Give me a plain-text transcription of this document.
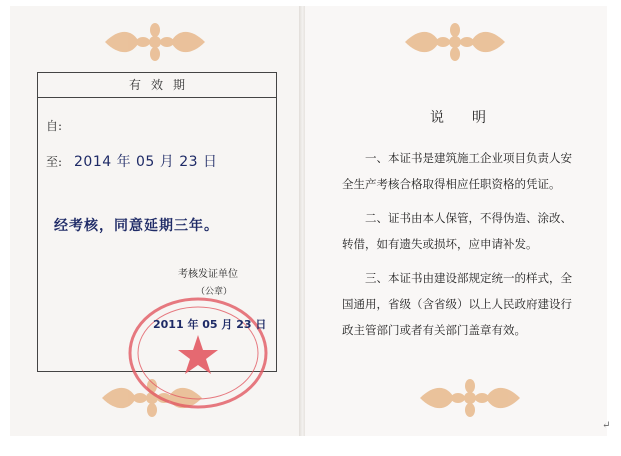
有效期
自:
至: 2014 年 05 月 23 日
经考核，同意延期三年。
考核发证单位
（公章）
2011 年 05 月 23 日
说明

一、本证书是建筑施工企业项目负责人安全生产考核合格取得相应任职资格的凭证。

二、证书由本人保管，不得伪造、涂改、转借，如有遗失或损坏，应申请补发。

三、本证书由建设部规定统一的样式，全国通用，省级（含省级）以上人民政府建设行政主管部门或者有关部门盖章有效。

↵
